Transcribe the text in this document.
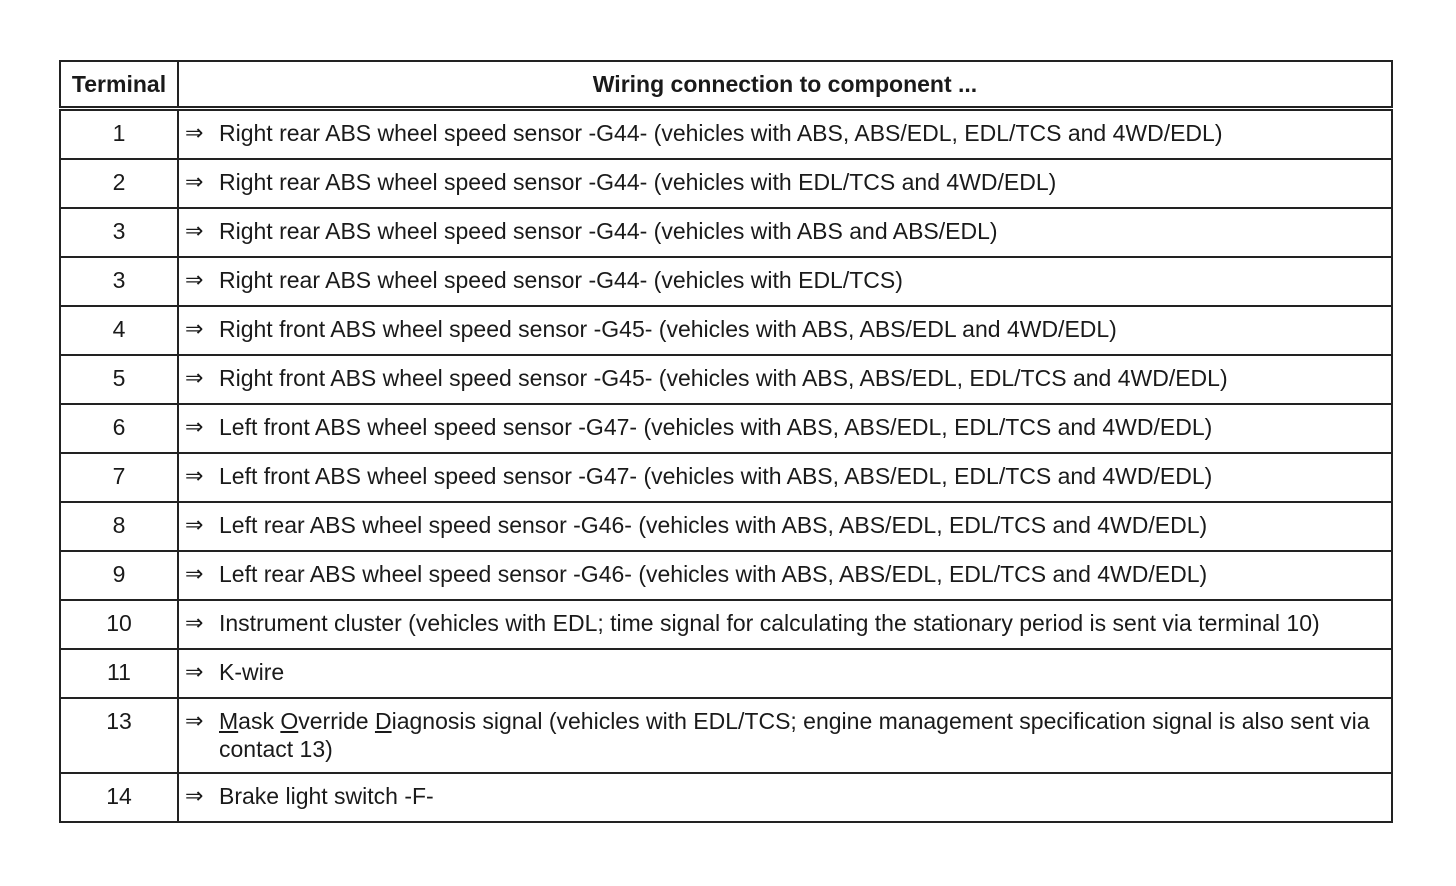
Terminal	Wiring connection to component ...
1	⇒ Right rear ABS wheel speed sensor -G44- (vehicles with ABS, ABS/EDL, EDL/TCS and 4WD/EDL)

2	⇒ Right rear ABS wheel speed sensor -G44- (vehicles with EDL/TCS and 4WD/EDL)

3	⇒ Right rear ABS wheel speed sensor -G44- (vehicles with ABS and ABS/EDL)

3	⇒ Right rear ABS wheel speed sensor -G44- (vehicles with EDL/TCS)

4	⇒ Right front ABS wheel speed sensor -G45- (vehicles with ABS, ABS/EDL and 4WD/EDL)

5	⇒ Right front ABS wheel speed sensor -G45- (vehicles with ABS, ABS/EDL, EDL/TCS and 4WD/EDL)

6	⇒ Left front ABS wheel speed sensor -G47- (vehicles with ABS, ABS/EDL, EDL/TCS and 4WD/EDL)

7	⇒ Left front ABS wheel speed sensor -G47- (vehicles with ABS, ABS/EDL, EDL/TCS and 4WD/EDL)

8	⇒ Left rear ABS wheel speed sensor -G46- (vehicles with ABS, ABS/EDL, EDL/TCS and 4WD/EDL)

9	⇒ Left rear ABS wheel speed sensor -G46- (vehicles with ABS, ABS/EDL, EDL/TCS and 4WD/EDL)

10	⇒ Instrument cluster (vehicles with EDL; time signal for calculating the stationary period is sent via terminal 10)

11	⇒ K-wire

13	⇒ Mask Override Diagnosis signal (vehicles with EDL/TCS; engine management specification signal is also sent via contact 13)

14	⇒ Brake light switch -F-
